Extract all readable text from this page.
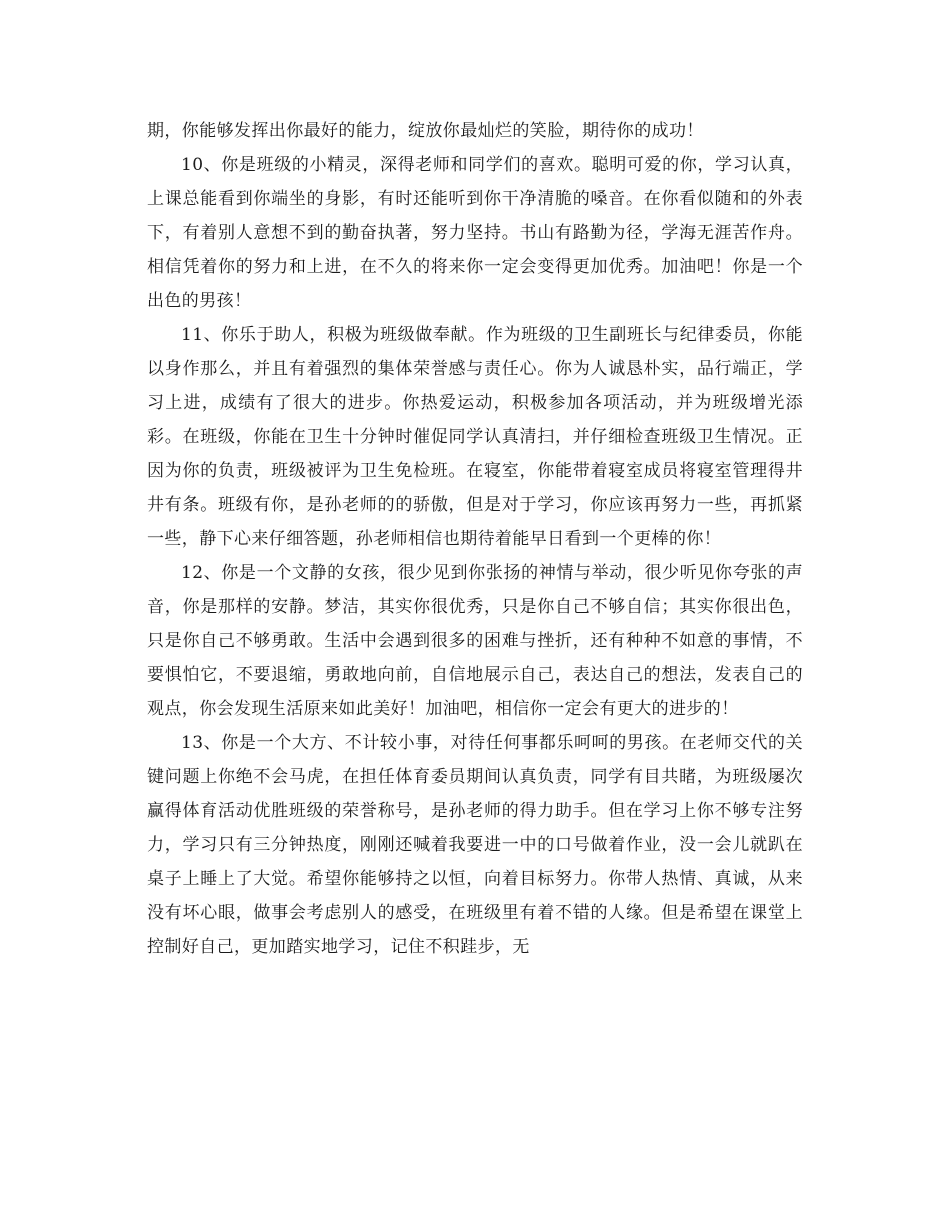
期，你能够发挥出你最好的能力，绽放你最灿烂的笑脸，期待你的成功！

10、你是班级的小精灵，深得老师和同学们的喜欢。聪明可爱的你，学习认真，上课总能看到你端坐的身影，有时还能听到你干净清脆的嗓音。在你看似随和的外表下，有着别人意想不到的勤奋执著，努力坚持。书山有路勤为径，学海无涯苦作舟。相信凭着你的努力和上进，在不久的将来你一定会变得更加优秀。加油吧！你是一个出色的男孩！

11、你乐于助人，积极为班级做奉献。作为班级的卫生副班长与纪律委员，你能以身作那么，并且有着强烈的集体荣誉感与责任心。你为人诚恳朴实，品行端正，学习上进，成绩有了很大的进步。你热爱运动，积极参加各项活动，并为班级增光添彩。在班级，你能在卫生十分钟时催促同学认真清扫，并仔细检查班级卫生情况。正因为你的负责，班级被评为卫生免检班。在寝室，你能带着寝室成员将寝室管理得井井有条。班级有你，是孙老师的的骄傲，但是对于学习，你应该再努力一些，再抓紧一些，静下心来仔细答题，孙老师相信也期待着能早日看到一个更棒的你！

12、你是一个文静的女孩，很少见到你张扬的神情与举动，很少听见你夸张的声音，你是那样的安静。梦洁，其实你很优秀，只是你自己不够自信；其实你很出色，只是你自己不够勇敢。生活中会遇到很多的困难与挫折，还有种种不如意的事情，不要惧怕它，不要退缩，勇敢地向前，自信地展示自己，表达自己的想法，发表自己的观点，你会发现生活原来如此美好！加油吧，相信你一定会有更大的进步的！

13、你是一个大方、不计较小事，对待任何事都乐呵呵的男孩。在老师交代的关键问题上你绝不会马虎，在担任体育委员期间认真负责，同学有目共睹，为班级屡次赢得体育活动优胜班级的荣誉称号，是孙老师的得力助手。但在学习上你不够专注努力，学习只有三分钟热度，刚刚还喊着我要进一中的口号做着作业，没一会儿就趴在桌子上睡上了大觉。希望你能够持之以恒，向着目标努力。你带人热情、真诚，从来没有坏心眼，做事会考虑别人的感受，在班级里有着不错的人缘。但是希望在课堂上控制好自己，更加踏实地学习，记住不积跬步，无
